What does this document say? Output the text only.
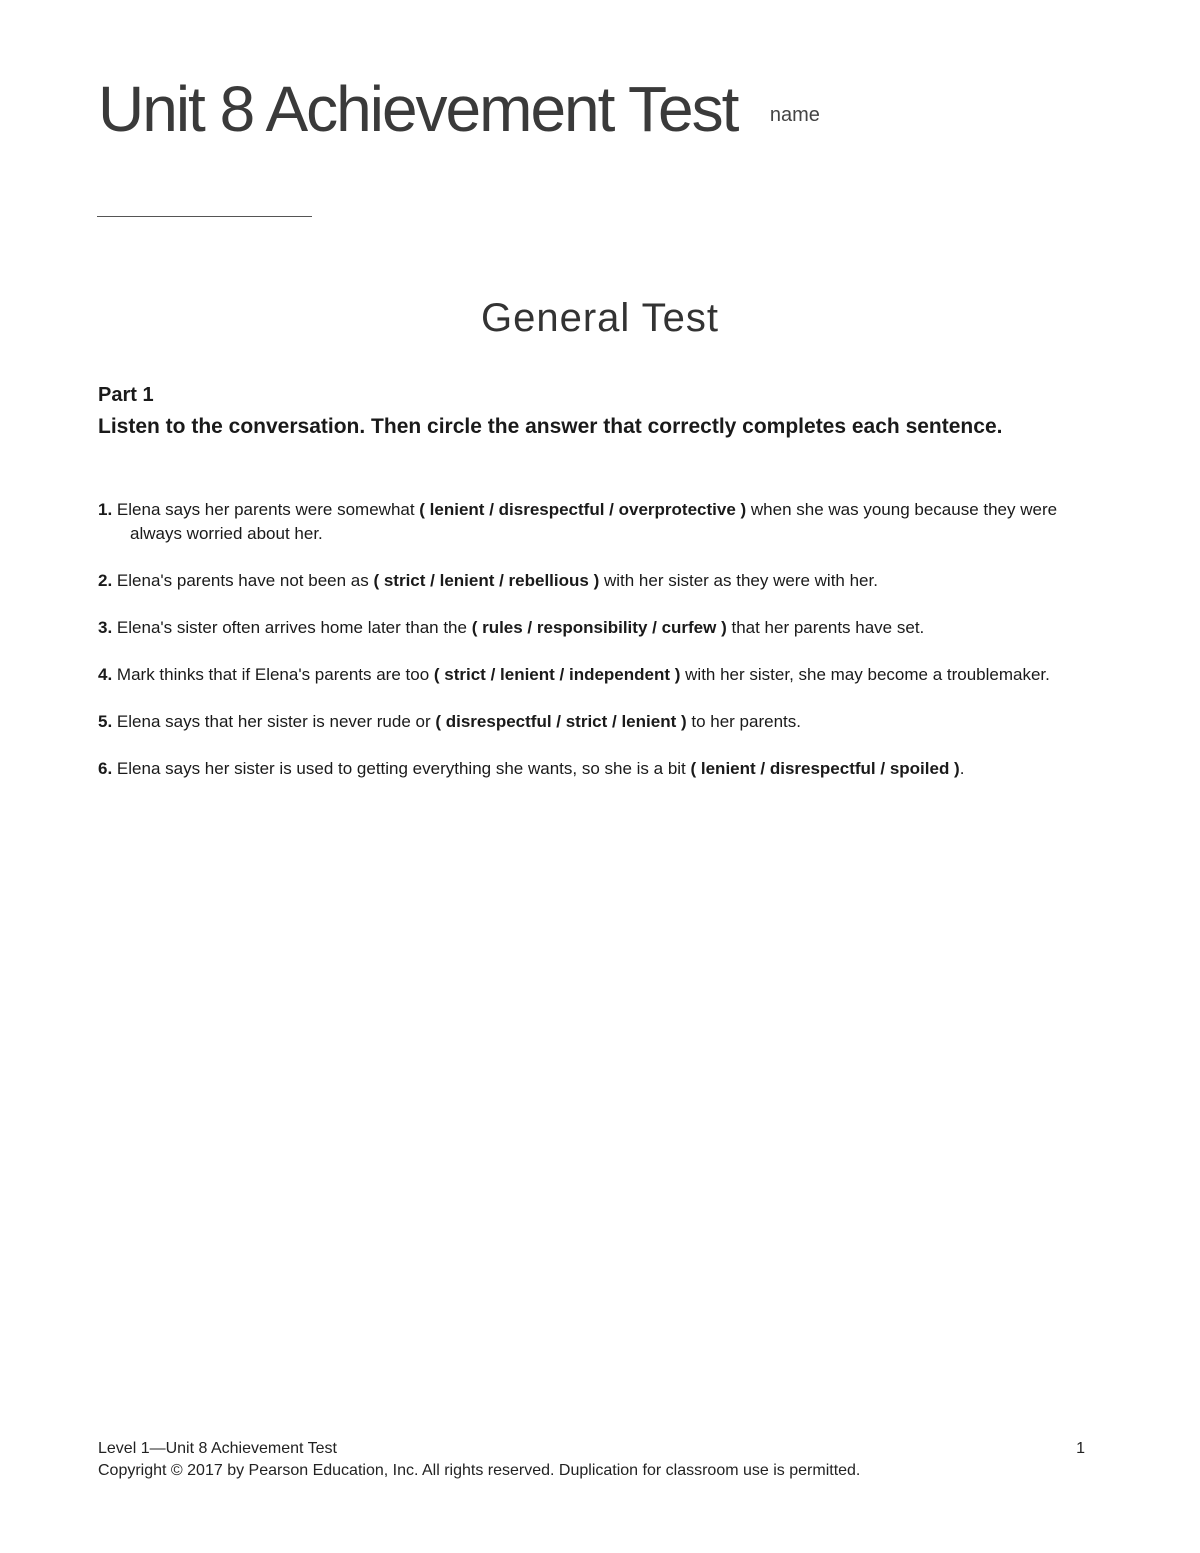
Unit 8 Achievement Test name
General Test

Part 1

Listen to the conversation. Then circle the answer that correctly completes each sentence.

1. Elena says her parents were somewhat ( lenient / disrespectful / overprotective ) when she was young because they were always worried about her.
2. Elena's parents have not been as ( strict / lenient / rebellious ) with her sister as they were with her.
3. Elena's sister often arrives home later than the ( rules / responsibility / curfew ) that her parents have set.
4. Mark thinks that if Elena's parents are too ( strict / lenient / independent ) with her sister, she may become a troublemaker.
5. Elena says that her sister is never rude or ( disrespectful / strict / lenient ) to her parents.
6. Elena says her sister is used to getting everything she wants, so she is a bit ( lenient / disrespectful / spoiled ).
Level 1—Unit 8 Achievement Test	1
Copyright © 2017 by Pearson Education, Inc. All rights reserved. Duplication for classroom use is permitted.
